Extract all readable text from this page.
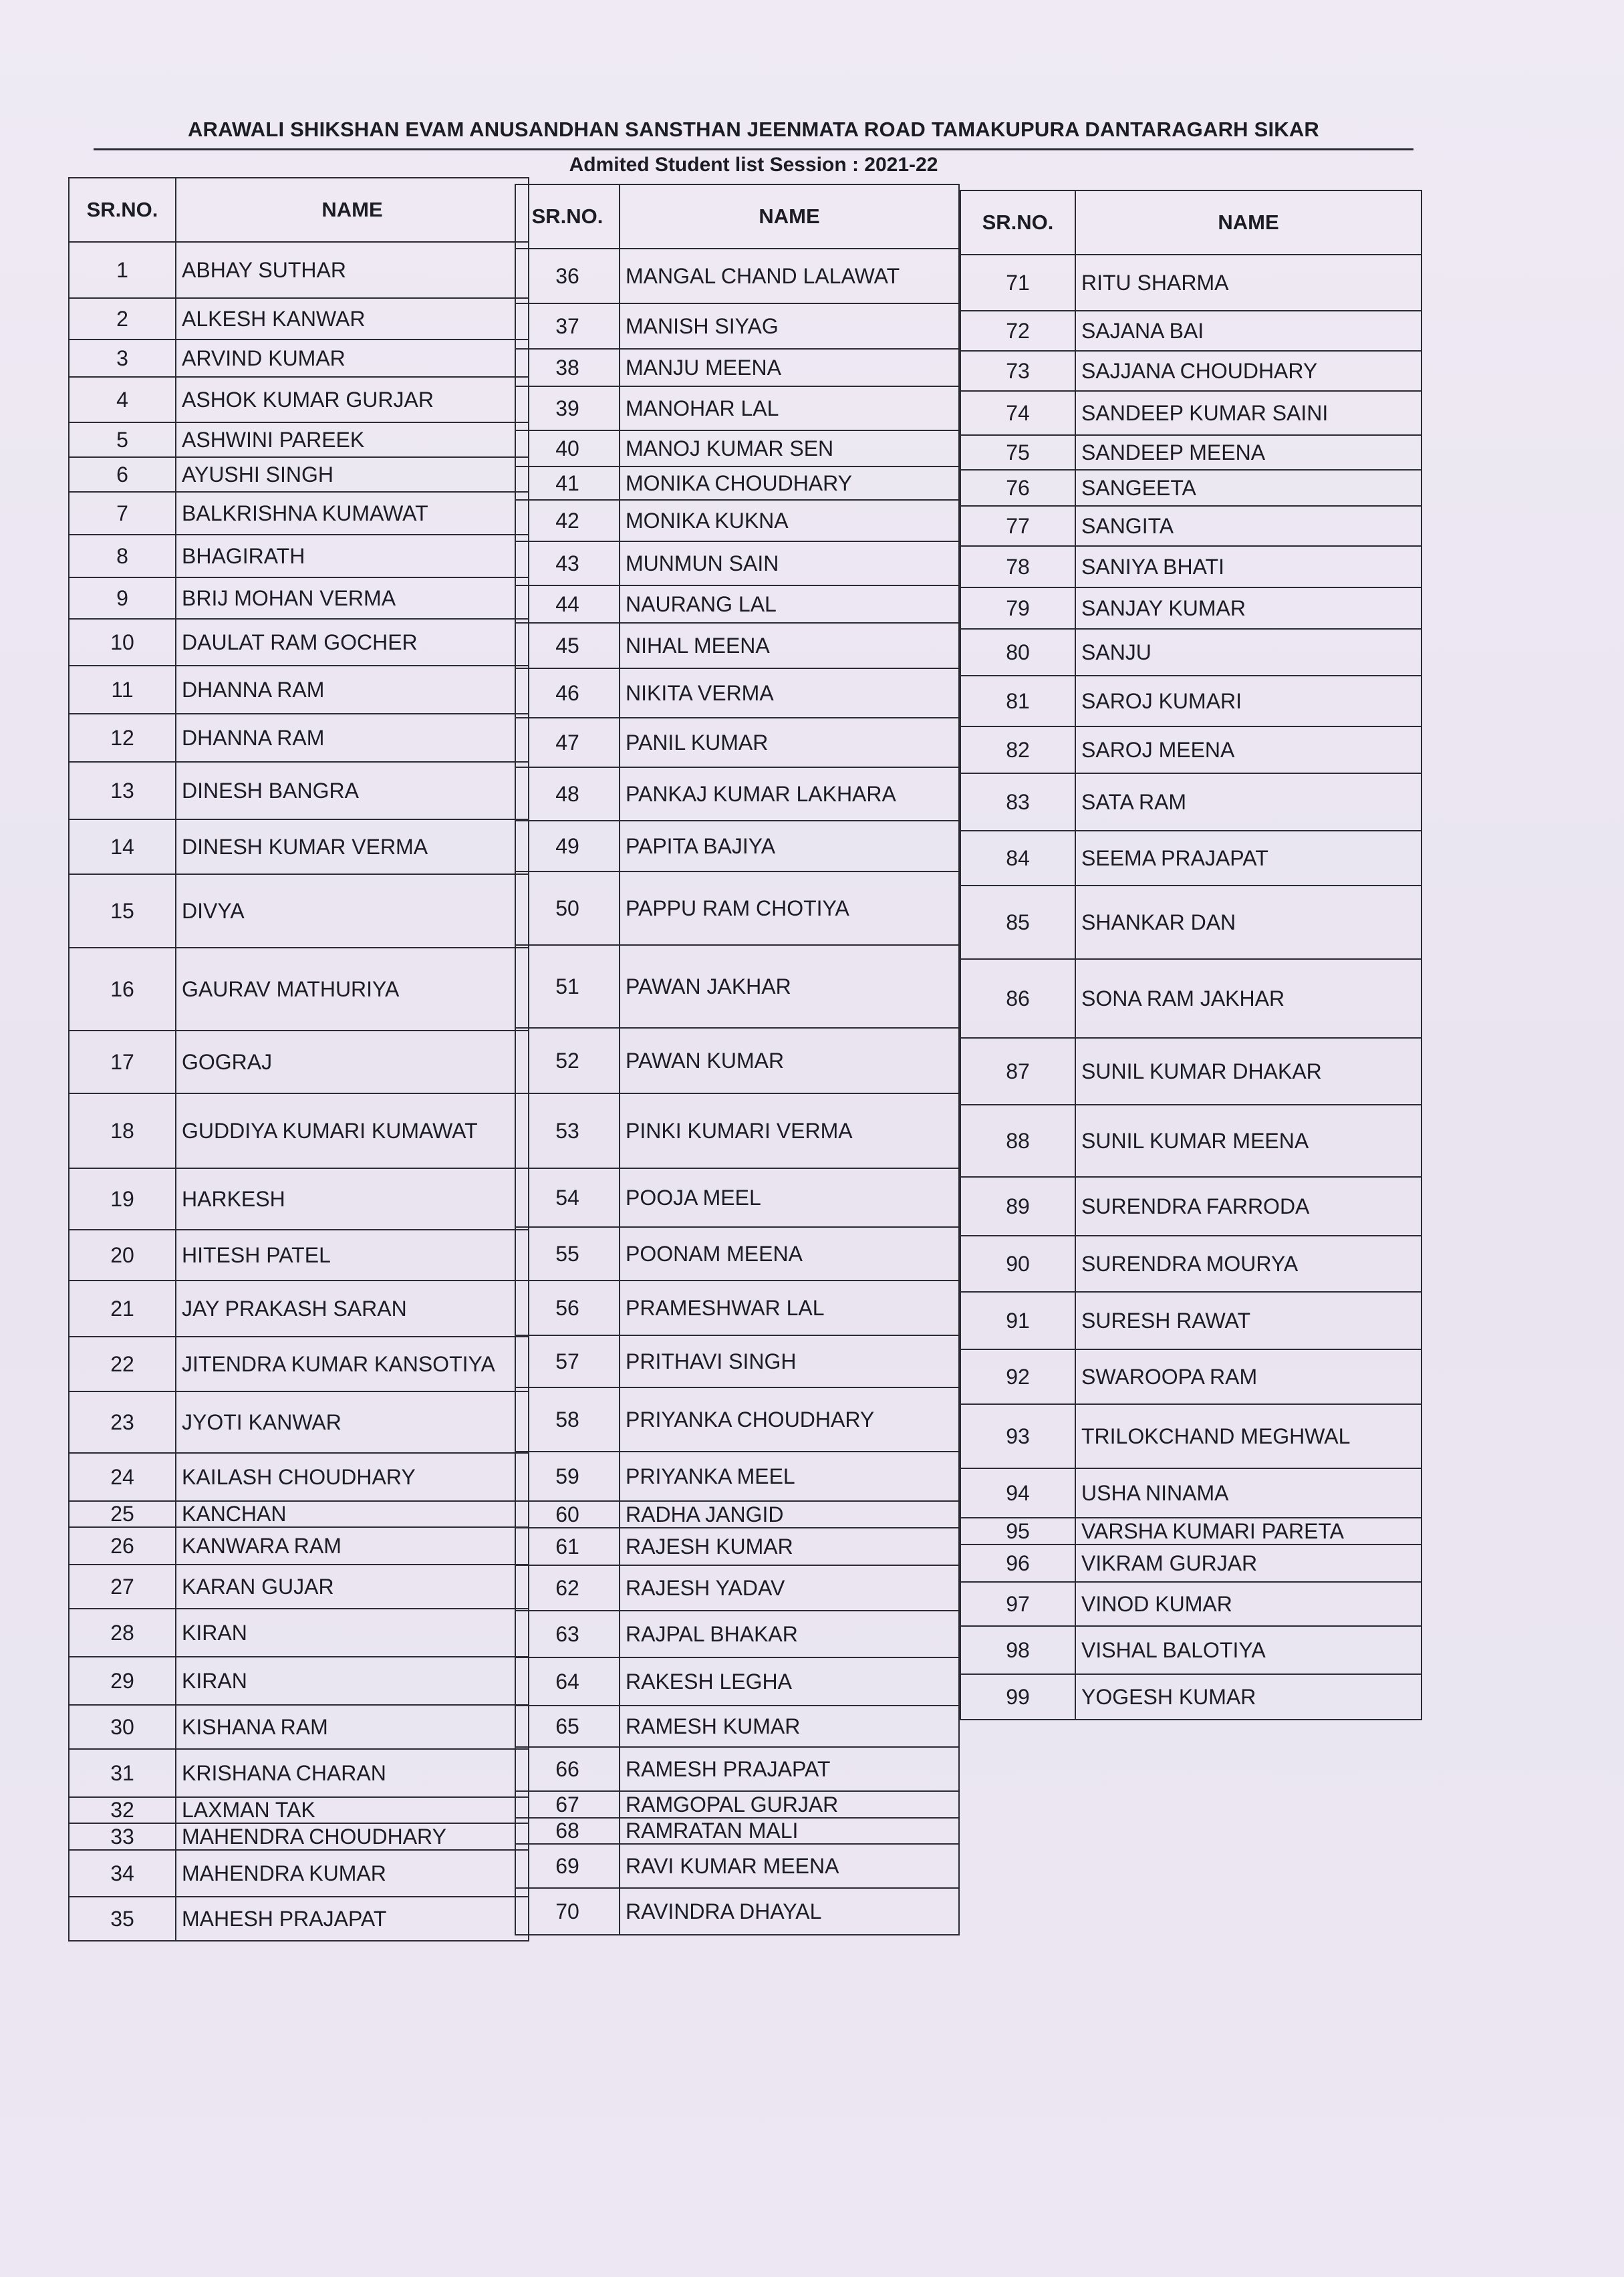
ARAWALI SHIKSHAN EVAM ANUSANDHAN SANSTHAN JEENMATA ROAD TAMAKUPURA DANTARAGARH SIKAR
Admited Student list Session : 2021-22
SR.NO.	NAME
1	ABHAY SUTHAR
2	ALKESH KANWAR
3	ARVIND KUMAR
4	ASHOK KUMAR GURJAR
5	ASHWINI PAREEK
6	AYUSHI SINGH
7	BALKRISHNA KUMAWAT
8	BHAGIRATH
9	BRIJ MOHAN VERMA
10	DAULAT RAM GOCHER
11	DHANNA RAM
12	DHANNA RAM
13	DINESH BANGRA
14	DINESH KUMAR VERMA
15	DIVYA
16	GAURAV MATHURIYA
17	GOGRAJ
18	GUDDIYA KUMARI KUMAWAT
19	HARKESH
20	HITESH PATEL
21	JAY PRAKASH SARAN
22	JITENDRA KUMAR KANSOTIYA
23	JYOTI KANWAR
24	KAILASH CHOUDHARY
25	KANCHAN
26	KANWARA RAM
27	KARAN GUJAR
28	KIRAN
29	KIRAN
30	KISHANA RAM
31	KRISHANA CHARAN
32	LAXMAN TAK
33	MAHENDRA CHOUDHARY
34	MAHENDRA KUMAR
35	MAHESH PRAJAPAT
SR.NO.	NAME
36	MANGAL CHAND LALAWAT
37	MANISH SIYAG
38	MANJU MEENA
39	MANOHAR LAL
40	MANOJ KUMAR SEN
41	MONIKA CHOUDHARY
42	MONIKA KUKNA
43	MUNMUN SAIN
44	NAURANG LAL
45	NIHAL MEENA
46	NIKITA VERMA
47	PANIL KUMAR
48	PANKAJ KUMAR LAKHARA
49	PAPITA BAJIYA
50	PAPPU RAM CHOTIYA
51	PAWAN JAKHAR
52	PAWAN KUMAR
53	PINKI KUMARI VERMA
54	POOJA MEEL
55	POONAM MEENA
56	PRAMESHWAR LAL
57	PRITHAVI SINGH
58	PRIYANKA CHOUDHARY
59	PRIYANKA MEEL
60	RADHA JANGID
61	RAJESH KUMAR
62	RAJESH YADAV
63	RAJPAL BHAKAR
64	RAKESH LEGHA
65	RAMESH KUMAR
66	RAMESH PRAJAPAT
67	RAMGOPAL GURJAR
68	RAMRATAN MALI
69	RAVI KUMAR MEENA
70	RAVINDRA DHAYAL
SR.NO.	NAME
71	RITU SHARMA
72	SAJANA BAI
73	SAJJANA CHOUDHARY
74	SANDEEP KUMAR SAINI
75	SANDEEP MEENA
76	SANGEETA
77	SANGITA
78	SANIYA BHATI
79	SANJAY KUMAR
80	SANJU
81	SAROJ KUMARI
82	SAROJ MEENA
83	SATA RAM
84	SEEMA PRAJAPAT
85	SHANKAR DAN
86	SONA RAM JAKHAR
87	SUNIL KUMAR DHAKAR
88	SUNIL KUMAR MEENA
89	SURENDRA FARRODA
90	SURENDRA MOURYA
91	SURESH RAWAT
92	SWAROOPA RAM
93	TRILOKCHAND MEGHWAL
94	USHA NINAMA
95	VARSHA KUMARI PARETA
96	VIKRAM GURJAR
97	VINOD KUMAR
98	VISHAL BALOTIYA
99	YOGESH KUMAR
